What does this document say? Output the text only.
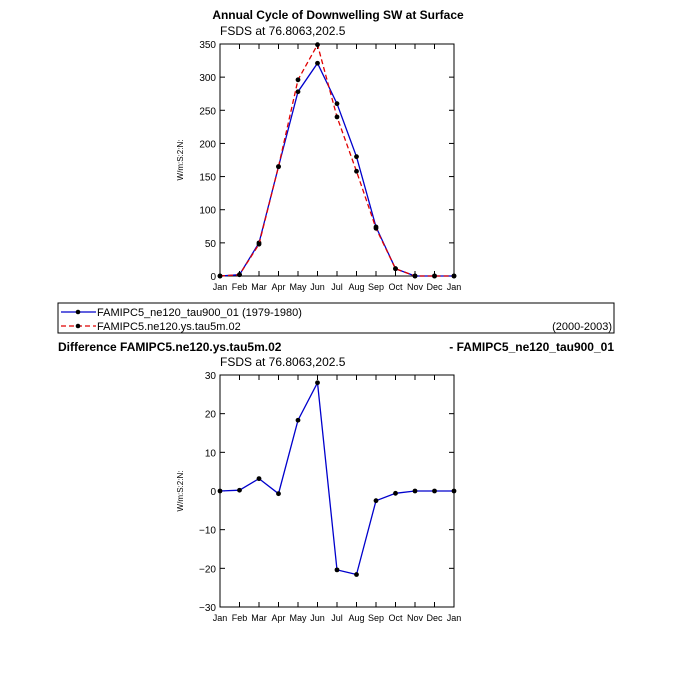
Annual Cycle of Downwelling SW at Surface
FSDS at 76.8063,202.5
0
50
100
150
200
250
300
350
Jan Feb Mar Apr May Jun Jul Aug Sep Oct Nov Dec Jan
W/m:S:2:N:
FAMIPC5_ne120_tau900_01 (1979-1980)
FAMIPC5.ne120.ys.tau5m.02	(2000-2003)
Difference FAMIPC5.ne120.ys.tau5m.02	- FAMIPC5_ne120_tau900_01
FSDS at 76.8063,202.5
−30
−20
−10
0
10
20
30
Jan Feb Mar Apr May Jun Jul Aug Sep Oct Nov Dec Jan
W/m:S:2:N:
